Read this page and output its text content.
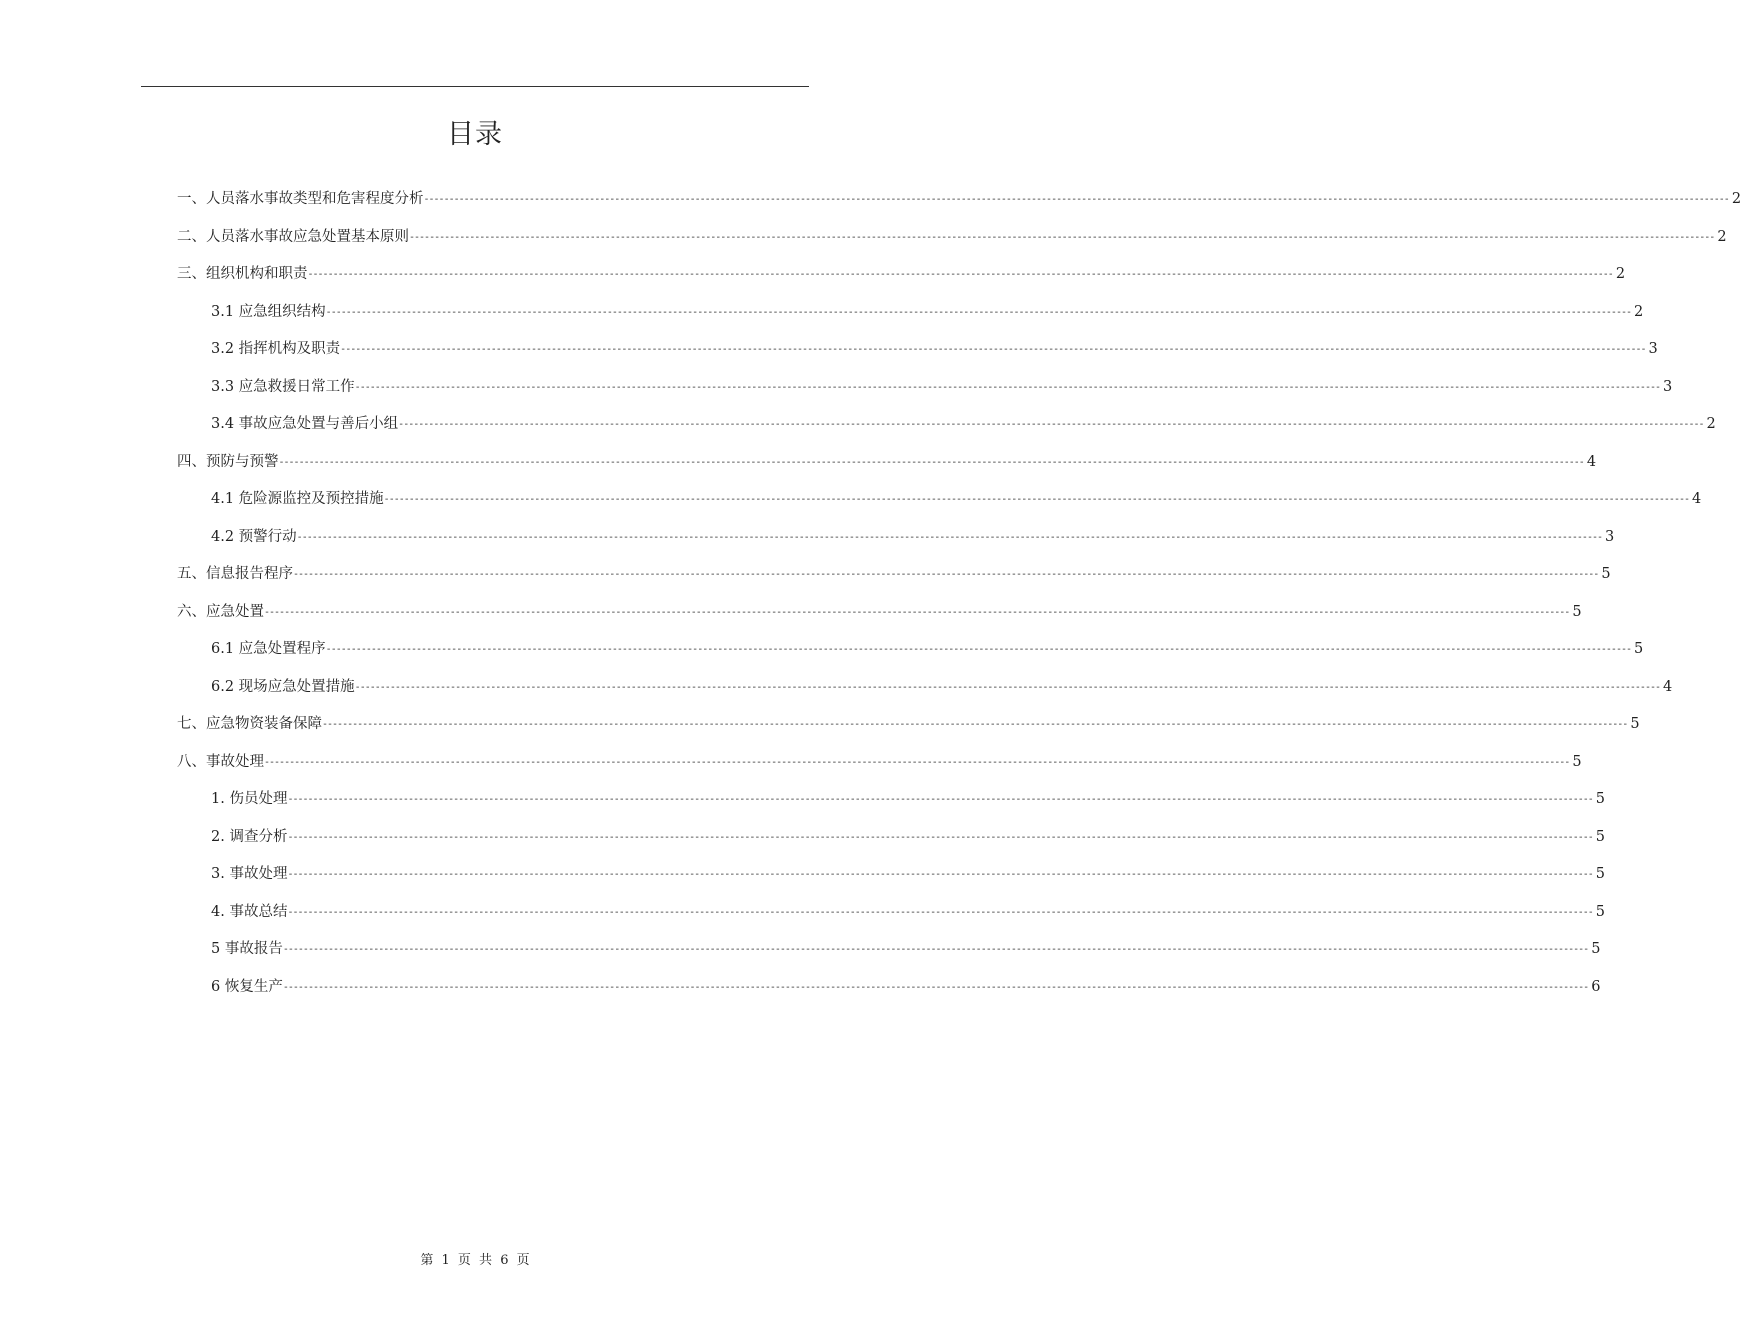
目录
一、人员落水事故类型和危害程度分析 -------------------------------------------------------------------------------------------------------------------------------------------------------------------------------------------------------------------------------------------------------------------- 2
二、人员落水事故应急处置基本原则 -------------------------------------------------------------------------------------------------------------------------------------------------------------------------------------------------------------------------------------------------------------------- 2
三、组织机构和职责 -------------------------------------------------------------------------------------------------------------------------------------------------------------------------------------------------------------------------------------------------------------------- 2
3.1 应急组织结构 -------------------------------------------------------------------------------------------------------------------------------------------------------------------------------------------------------------------------------------------------------------------- 2
3.2 指挥机构及职责 -------------------------------------------------------------------------------------------------------------------------------------------------------------------------------------------------------------------------------------------------------------------- 3
3.3 应急救援日常工作 -------------------------------------------------------------------------------------------------------------------------------------------------------------------------------------------------------------------------------------------------------------------- 3
3.4 事故应急处置与善后小组 -------------------------------------------------------------------------------------------------------------------------------------------------------------------------------------------------------------------------------------------------------------------- 2
四、预防与预警 -------------------------------------------------------------------------------------------------------------------------------------------------------------------------------------------------------------------------------------------------------------------- 4
4.1 危险源监控及预控措施 -------------------------------------------------------------------------------------------------------------------------------------------------------------------------------------------------------------------------------------------------------------------- 4
4.2 预警行动 -------------------------------------------------------------------------------------------------------------------------------------------------------------------------------------------------------------------------------------------------------------------- 3
五、信息报告程序 -------------------------------------------------------------------------------------------------------------------------------------------------------------------------------------------------------------------------------------------------------------------- 5
六、应急处置 -------------------------------------------------------------------------------------------------------------------------------------------------------------------------------------------------------------------------------------------------------------------- 5
6.1 应急处置程序 -------------------------------------------------------------------------------------------------------------------------------------------------------------------------------------------------------------------------------------------------------------------- 5
6.2 现场应急处置措施 -------------------------------------------------------------------------------------------------------------------------------------------------------------------------------------------------------------------------------------------------------------------- 4
七、应急物资装备保障 -------------------------------------------------------------------------------------------------------------------------------------------------------------------------------------------------------------------------------------------------------------------- 5
八、事故处理 -------------------------------------------------------------------------------------------------------------------------------------------------------------------------------------------------------------------------------------------------------------------- 5
1. 伤员处理 -------------------------------------------------------------------------------------------------------------------------------------------------------------------------------------------------------------------------------------------------------------------- 5
2. 调查分析 -------------------------------------------------------------------------------------------------------------------------------------------------------------------------------------------------------------------------------------------------------------------- 5
3. 事故处理 -------------------------------------------------------------------------------------------------------------------------------------------------------------------------------------------------------------------------------------------------------------------- 5
4. 事故总结 -------------------------------------------------------------------------------------------------------------------------------------------------------------------------------------------------------------------------------------------------------------------- 5
5 事故报告 -------------------------------------------------------------------------------------------------------------------------------------------------------------------------------------------------------------------------------------------------------------------- 5
6 恢复生产 -------------------------------------------------------------------------------------------------------------------------------------------------------------------------------------------------------------------------------------------------------------------- 6
第 1 页 共 6 页
